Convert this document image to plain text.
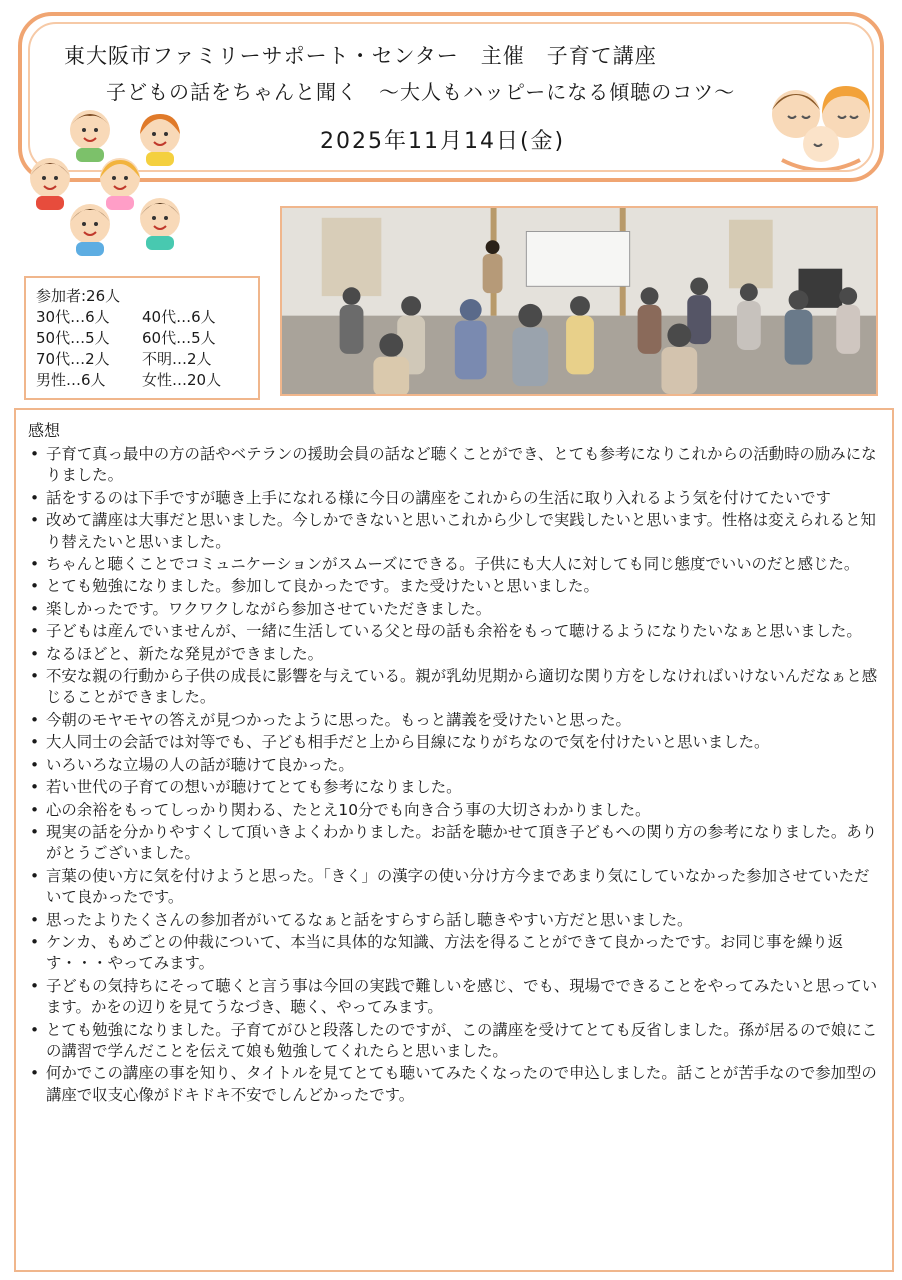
東大阪市ファミリーサポート・センター　主催　子育て講座
子どもの話をちゃんと聞く　～大人もハッピーになる傾聴のコツ～
2025年11月14日(金)
参加者:26人
30代…6人	40代…6人
50代…5人	60代…5人
70代…2人	不明…2人
男性…6人	女性…20人
感想
• 子育て真っ最中の方の話やベテランの援助会員の話など聴くことができ、とても参考になりこれからの活動時の励みになりました。
• 話をするのは下手ですが聴き上手になれる様に今日の講座をこれからの生活に取り入れるよう気を付けてたいです
• 改めて講座は大事だと思いました。今しかできないと思いこれから少しで実践したいと思います。性格は変えられると知り替えたいと思いました。
• ちゃんと聴くことでコミュニケーションがスムーズにできる。子供にも大人に対しても同じ態度でいいのだと感じた。
• とても勉強になりました。参加して良かったです。また受けたいと思いました。
• 楽しかったです。ワクワクしながら参加させていただきました。
• 子どもは産んでいませんが、一緒に生活している父と母の話も余裕をもって聴けるようになりたいなぁと思いました。
• なるほどと、新たな発見ができました。
• 不安な親の行動から子供の成長に影響を与えている。親が乳幼児期から適切な関り方をしなければいけないんだなぁと感じることができました。
• 今朝のモヤモヤの答えが見つかったように思った。もっと講義を受けたいと思った。
• 大人同士の会話では対等でも、子ども相手だと上から目線になりがちなので気を付けたいと思いました。
• いろいろな立場の人の話が聴けて良かった。
• 若い世代の子育ての想いが聴けてとても参考になりました。
• 心の余裕をもってしっかり関わる、たとえ10分でも向き合う事の大切さわかりました。
• 現実の話を分かりやすくして頂いきよくわかりました。お話を聴かせて頂き子どもへの関り方の参考になりました。ありがとうございました。
• 言葉の使い方に気を付けようと思った。「きく」の漢字の使い分け方今まであまり気にしていなかった参加させていただいて良かったです。
• 思ったよりたくさんの参加者がいてるなぁと話をすらすら話し聴きやすい方だと思いました。
• ケンカ、もめごとの仲裁について、本当に具体的な知識、方法を得ることができて良かったです。お同じ事を繰り返す・・・やってみます。
• 子どもの気持ちにそって聴くと言う事は今回の実践で難しいを感じ、でも、現場でできることをやってみたいと思っています。かをの辺りを見てうなづき、聴く、やってみます。
• とても勉強になりました。子育てがひと段落したのですが、この講座を受けてとても反省しました。孫が居るので娘にこの講習で学んだことを伝えて娘も勉強してくれたらと思いました。
• 何かでこの講座の事を知り、タイトルを見てとても聴いてみたくなったので申込しました。話ことが苦手なので参加型の講座で収支心像がドキドキ不安でしんどかったです。
